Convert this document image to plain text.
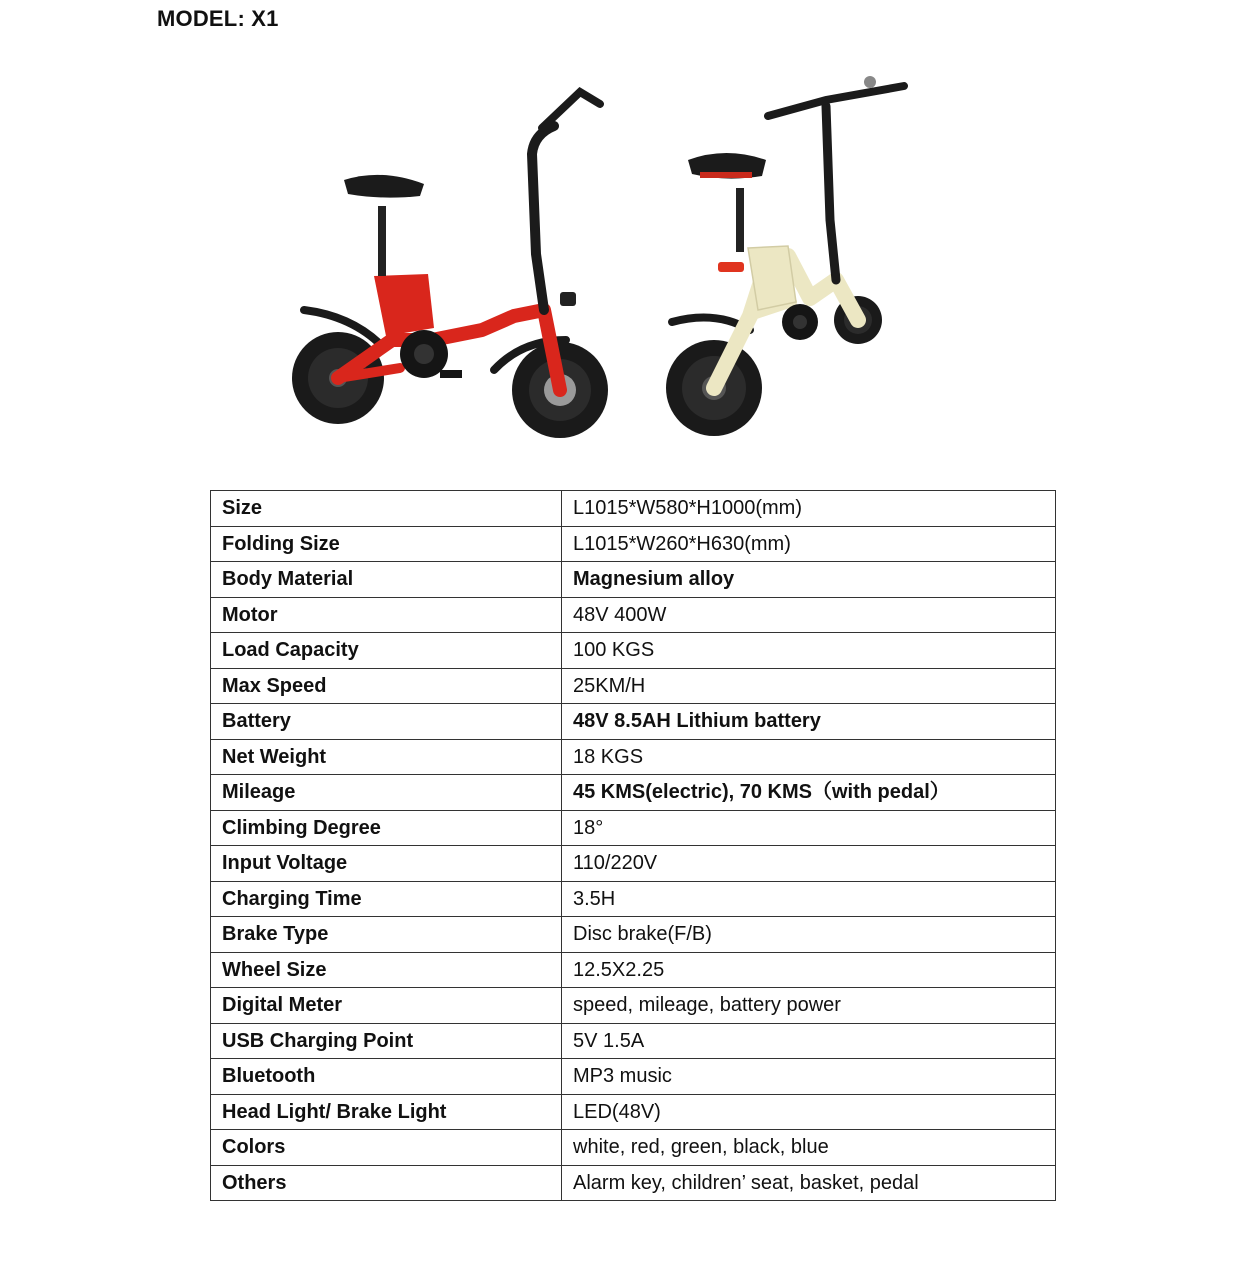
MODEL: X1
Size	L1015*W580*H1000(mm)
Folding Size	L1015*W260*H630(mm)
Body Material	Magnesium alloy
Motor	48V 400W
Load Capacity	100 KGS
Max Speed	25KM/H
Battery	48V 8.5AH Lithium battery
Net Weight	18 KGS
Mileage	45 KMS(electric), 70 KMS（with pedal）
Climbing Degree	18°
Input Voltage	110/220V
Charging Time	3.5H
Brake Type	Disc brake(F/B)
Wheel Size	12.5X2.25
Digital Meter	speed, mileage, battery power
USB Charging Point	5V 1.5A
Bluetooth	MP3 music
Head Light/ Brake Light	LED(48V)
Colors	white, red, green, black, blue
Others	Alarm key, children’ seat, basket, pedal
